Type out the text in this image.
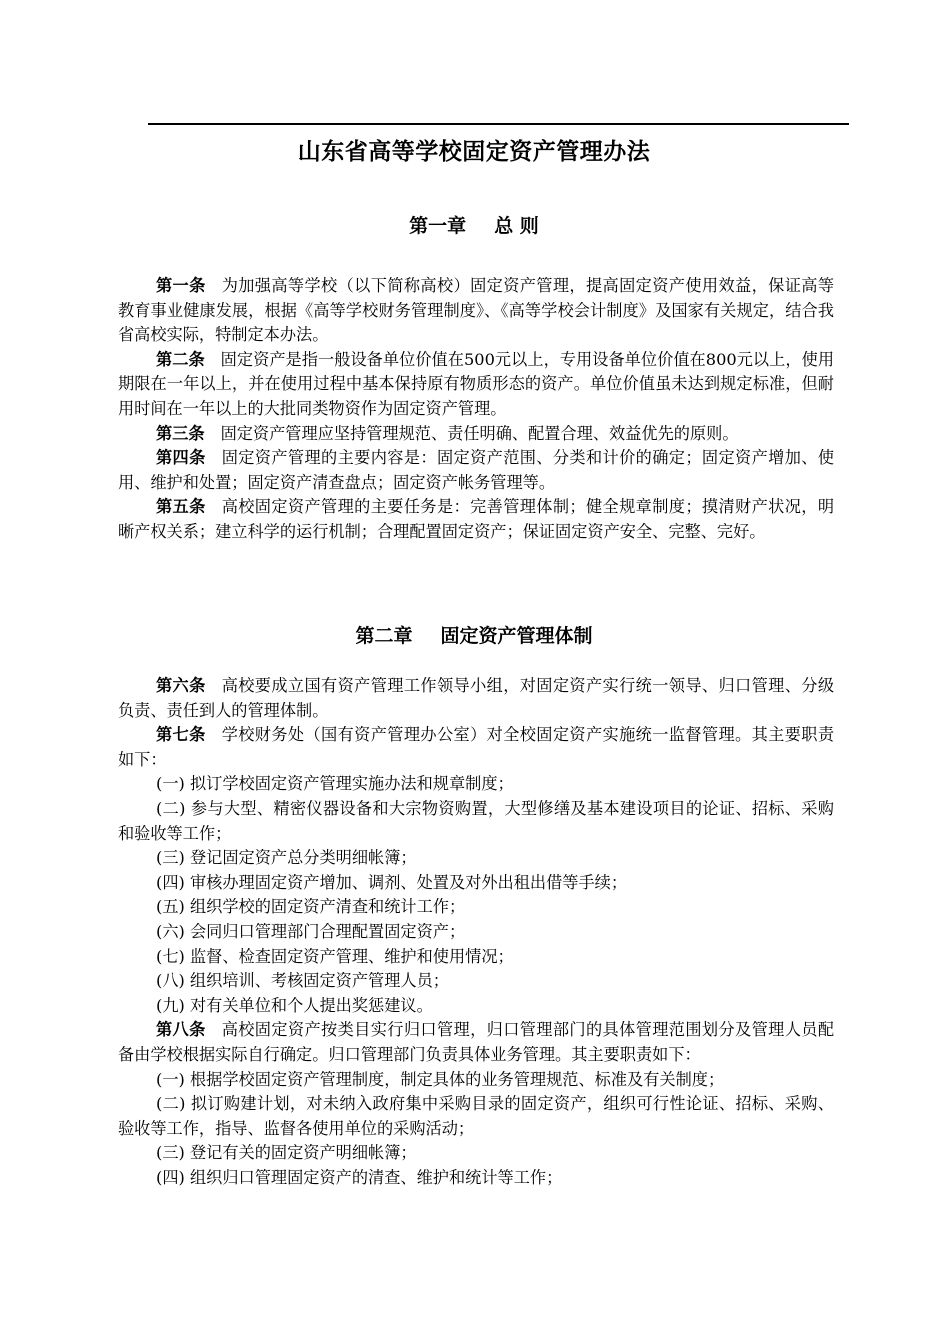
山东省高等学校固定资产管理办法
第一章 总 则

第一条 为加强高等学校（以下简称高校）固定资产管理，提高固定资产使用效益，保证高等教育事业健康发展，根据《高等学校财务管理制度》、《高等学校会计制度》及国家有关规定，结合我省高校实际，特制定本办法。

第二条 固定资产是指一般设备单位价值在500元以上，专用设备单位价值在800元以上，使用期限在一年以上，并在使用过程中基本保持原有物质形态的资产。单位价值虽未达到规定标准，但耐用时间在一年以上的大批同类物资作为固定资产管理。

第三条 固定资产管理应坚持管理规范、责任明确、配置合理、效益优先的原则。

第四条 固定资产管理的主要内容是：固定资产范围、分类和计价的确定；固定资产增加、使用、维护和处置；固定资产清查盘点；固定资产帐务管理等。

第五条 高校固定资产管理的主要任务是：完善管理体制；健全规章制度；摸清财产状况，明晰产权关系；建立科学的运行机制；合理配置固定资产；保证固定资产安全、完整、完好。

第二章 固定资产管理体制

第六条 高校要成立国有资产管理工作领导小组，对固定资产实行统一领导、归口管理、分级负责、责任到人的管理体制。

第七条 学校财务处（国有资产管理办公室）对全校固定资产实施统一监督管理。其主要职责如下：

(一) 拟订学校固定资产管理实施办法和规章制度；

(二) 参与大型、精密仪器设备和大宗物资购置，大型修缮及基本建设项目的论证、招标、采购和验收等工作；

(三) 登记固定资产总分类明细帐簿；

(四) 审核办理固定资产增加、调剂、处置及对外出租出借等手续；

(五) 组织学校的固定资产清查和统计工作；

(六) 会同归口管理部门合理配置固定资产；

(七) 监督、检查固定资产管理、维护和使用情况；

(八) 组织培训、考核固定资产管理人员；

(九) 对有关单位和个人提出奖惩建议。

第八条 高校固定资产按类目实行归口管理，归口管理部门的具体管理范围划分及管理人员配备由学校根据实际自行确定。归口管理部门负责具体业务管理。其主要职责如下：

(一) 根据学校固定资产管理制度，制定具体的业务管理规范、标准及有关制度；

(二) 拟订购建计划，对未纳入政府集中采购目录的固定资产，组织可行性论证、招标、采购、验收等工作，指导、监督各使用单位的采购活动；

(三) 登记有关的固定资产明细帐簿；

(四) 组织归口管理固定资产的清查、维护和统计等工作；
